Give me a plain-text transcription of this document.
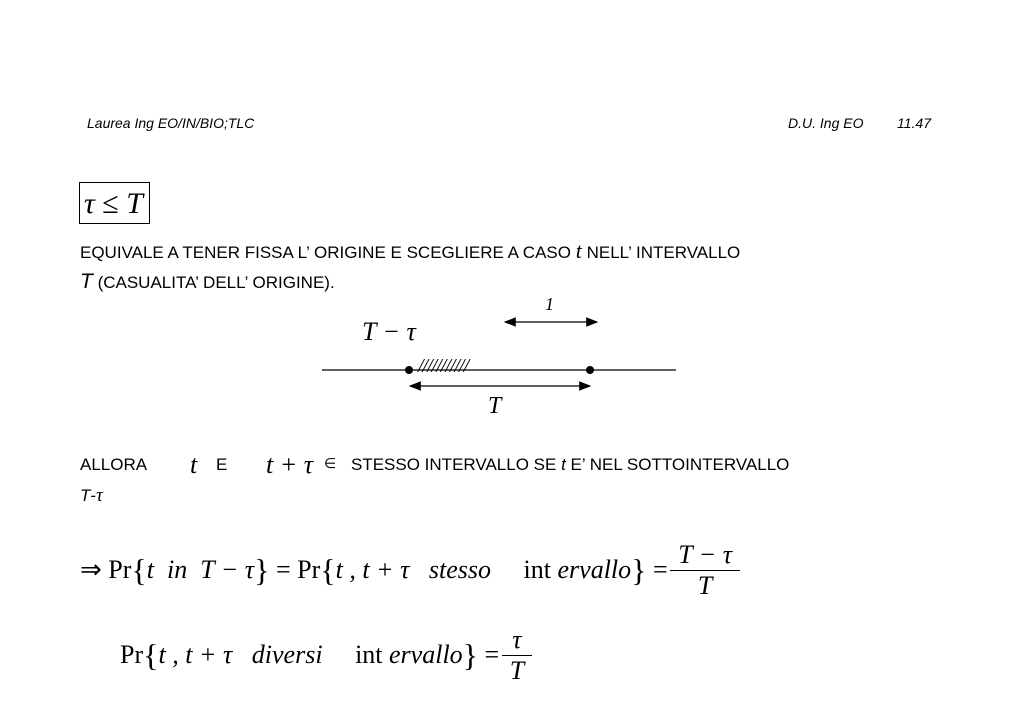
Laurea Ing EO/IN/BIO;TLC	D.U. Ing EO 11.47
τ ≤ T
EQUIVALE A TENER FISSA L’ ORIGINE E SCEGLIERE A CASO t NELL’ INTERVALLO
T (CASUALITA’ DELL’ ORIGINE).
T − τ
1
///////////
T
ALLORA t E t + τ ∈ STESSO INTERVALLO SE t E’ NEL SOTTOINTERVALLO
T-τ
⇒
Pr { t
in
T − τ }
=
Pr { t , t + τ
stesso
int
ervallo }
=
$\frac{T - \tau}{T}$
Pr { t , t + τ
diversi
int
ervallo }
=
$\frac{\tau}{T}$
